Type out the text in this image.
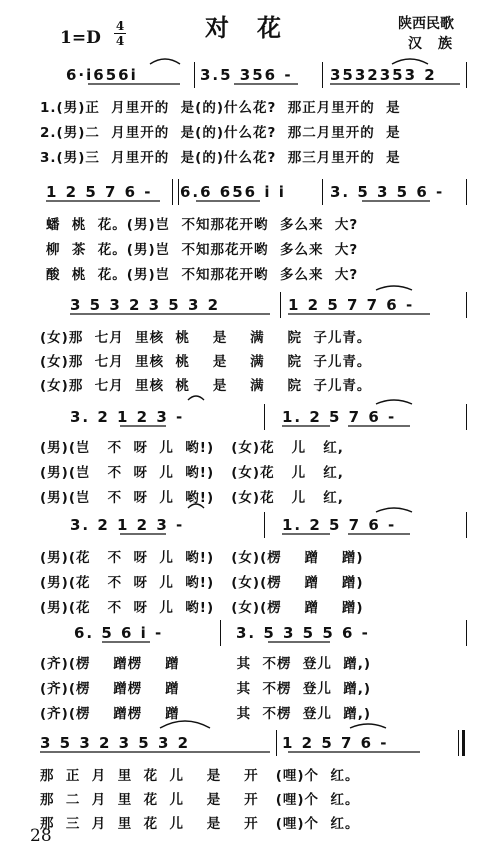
对花
1=D
4
4
陕西民歌
汉族
6·i656i	3.5 356 - 3532353 2
1.(男)正  月里开的  是(的)什么花?  那正月里开的  是
2.(男)二  月里开的  是(的)什么花?  那二月里开的  是
3.(男)三  月里开的  是(的)什么花?  那三月里开的  是
1 2 5 7 6 - 6.6 656 i i	3. 5 3 5 6 -
蟠  桃  花。(男)岂  不知那花开哟  多么来  大?
柳  茶  花。(男)岂  不知那花开哟  多么来  大?
酸  桃  花。(男)岂  不知那花开哟  多么来  大?
3 5 3 2 3 5 3 2	1 2 5 7 7 6 -
(女)那  七月  里核  桃    是    满    院  子儿青。
(女)那  七月  里核  桃    是    满    院  子儿青。
(女)那  七月  里核  桃    是    满    院  子儿青。
3. 2 1 2 3 -	1. 2 5 7 6 -
(男)(岂   不  呀  儿  哟!)   (女)花   儿   红,
(男)(岂   不  呀  儿  哟!)   (女)花   儿   红,
(男)(岂   不  呀  儿  哟!)   (女)花   儿   红,
3. 2 1 2 3 -	1. 2 5 7 6 -
(男)(花   不  呀  儿  哟!)   (女)(楞    蹭    蹭)
(男)(花   不  呀  儿  哟!)   (女)(楞    蹭    蹭)
(男)(花   不  呀  儿  哟!)   (女)(楞    蹭    蹭)
6. 5 6 i -	3. 5 3 5 5 6 -
(齐)(楞    蹭楞    蹭          其  不楞  登儿  蹭,)
(齐)(楞    蹭楞    蹭          其  不楞  登儿  蹭,)
(齐)(楞    蹭楞    蹭          其  不楞  登儿  蹭,)
3 5 3 2 3 5 3 2	1 2 5 7 6 -
那  正  月  里  花  儿    是    开   (哩)个  红。
那  二  月  里  花  儿    是    开   (哩)个  红。
那  三  月  里  花  儿    是    开   (哩)个  红。
28
